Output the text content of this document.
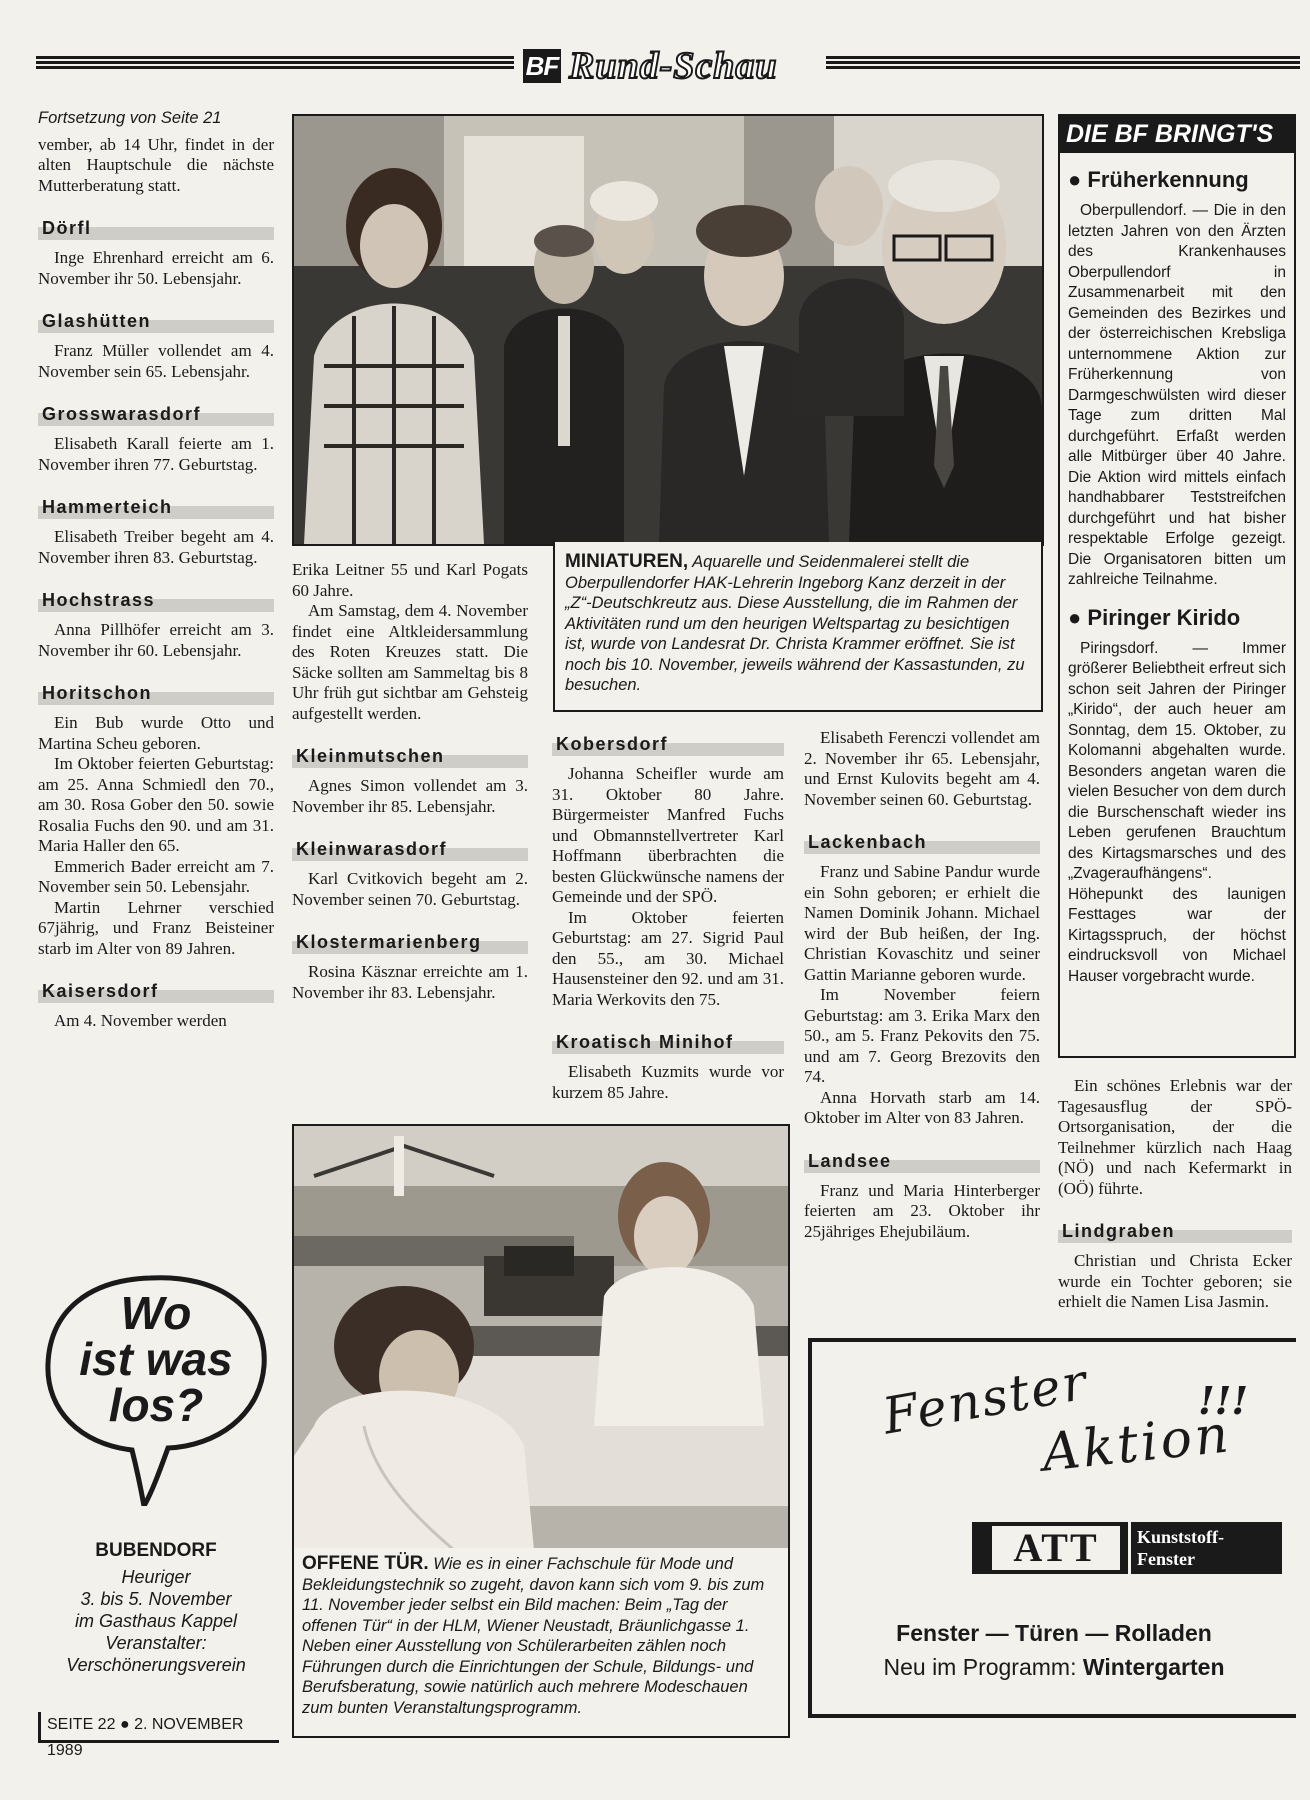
BF Rund-Schau
Fortsetzung von Seite 21

vember, ab 14 Uhr, findet in der alten Hauptschule die nächste Mutterberatung statt.

Dörfl

Inge Ehrenhard erreicht am 6. November ihr 50. Lebensjahr.

Glashütten

Franz Müller vollendet am 4. November sein 65. Lebensjahr.

Grosswarasdorf

Elisabeth Karall feierte am 1. November ihren 77. Geburtstag.

Hammerteich

Elisabeth Treiber begeht am 4. November ihren 83. Geburtstag.

Hochstrass

Anna Pillhöfer erreicht am 3. November ihr 60. Lebensjahr.

Horitschon

Ein Bub wurde Otto und Martina Scheu geboren.

Im Oktober feierten Geburtstag: am 25. Anna Schmiedl den 70., am 30. Rosa Gober den 50. sowie Rosalia Fuchs den 90. und am 31. Maria Haller den 65.

Emmerich Bader erreicht am 7. November sein 50. Lebensjahr.

Martin Lehrner verschied 67jährig, und Franz Beisteiner starb im Alter von 89 Jahren.

Kaisersdorf

Am 4. November werden

Wo
ist was
los?
BUBENDORF
Heuriger
3. bis 5. November
im Gasthaus Kappel
Veranstalter:
Verschönerungsverein
SEITE 22 ● 2. NOVEMBER 1989
MINIATUREN, Aquarelle und Seidenmalerei stellt die Oberpullendorfer HAK-Lehrerin Ingeborg Kanz derzeit in der „Z“-Deutschkreutz aus. Diese Ausstellung, die im Rahmen der Aktivitäten rund um den heurigen Weltspartag zu besichtigen ist, wurde von Landesrat Dr. Christa Krammer eröffnet. Sie ist noch bis 10. November, jeweils während der Kassastunden, zu besuchen.

Erika Leitner 55 und Karl Pogats 60 Jahre.

Am Samstag, dem 4. November findet eine Altkleidersammlung des Roten Kreuzes statt. Die Säcke sollten am Sammeltag bis 8 Uhr früh gut sichtbar am Gehsteig aufgestellt werden.

Kleinmutschen

Agnes Simon vollendet am 3. November ihr 85. Lebensjahr.

Kleinwarasdorf

Karl Cvitkovich begeht am 2. November seinen 70. Geburtstag.

Klostermarienberg

Rosina Käsznar erreichte am 1. November ihr 83. Lebensjahr.

Kobersdorf

Johanna Scheifler wurde am 31. Oktober 80 Jahre. Bürgermeister Manfred Fuchs und Obmannstellvertreter Karl Hoffmann überbrachten die besten Glückwünsche namens der Gemeinde und der SPÖ.

Im Oktober feierten Geburtstag: am 27. Sigrid Paul den 55., am 30. Michael Hausensteiner den 92. und am 31. Maria Werkovits den 75.

Kroatisch Minihof

Elisabeth Kuzmits wurde vor kurzem 85 Jahre.

Elisabeth Ferenczi vollendet am 2. November ihr 65. Lebensjahr, und Ernst Kulovits begeht am 4. November seinen 60. Geburtstag.

Lackenbach

Franz und Sabine Pandur wurde ein Sohn geboren; er erhielt die Namen Dominik Johann. Michael wird der Bub heißen, der Ing. Christian Kovaschitz und seiner Gattin Marianne geboren wurde.

Im November feiern Geburtstag: am 3. Erika Marx den 50., am 5. Franz Pekovits den 75. und am 7. Georg Brezovits den 74.

Anna Horvath starb am 14. Oktober im Alter von 83 Jahren.

Landsee

Franz und Maria Hinterberger feierten am 23. Oktober ihr 25jähriges Ehejubiläum.

DIE BF BRINGT'S
● Früherkennung
Oberpullendorf. — Die in den letzten Jahren von den Ärzten des Krankenhauses Oberpullendorf in Zusammenarbeit mit den Gemeinden des Bezirkes und der österreichischen Krebsliga unternommene Aktion zur Früherkennung von Darmgeschwülsten wird dieser Tage zum dritten Mal durchgeführt. Erfaßt werden alle Mitbürger über 40 Jahre. Die Aktion wird mittels einfach handhabbarer Teststreifchen durchgeführt und hat bisher respektable Erfolge gezeigt. Die Organisatoren bitten um zahlreiche Teilnahme.
● Piringer Kirido
Piringsdorf. — Immer größerer Beliebtheit erfreut sich schon seit Jahren der Piringer „Kirido“, der auch heuer am Sonntag, dem 15. Oktober, zu Kolomanni abgehalten wurde. Besonders angetan waren die vielen Besucher von dem durch die Burschenschaft wieder ins Leben gerufenen Brauchtum des Kirtagsmarsches und des „Zvageraufhängens“. Höhepunkt des launigen Festtages war der Kirtagsspruch, der höchst eindrucksvoll von Michael Hauser vorgebracht wurde.

Ein schönes Erlebnis war der Tagesausflug der SPÖ-Ortsorganisation, der die Teilnehmer kürzlich nach Haag (NÖ) und nach Kefermarkt in (OÖ) führte.

Lindgraben

Christian und Christa Ecker wurde ein Tochter geboren; sie erhielt die Namen Lisa Jasmin.

OFFENE TÜR. Wie es in einer Fachschule für Mode und Bekleidungstechnik so zugeht, davon kann sich vom 9. bis zum 11. November jeder selbst ein Bild machen: Beim „Tag der offenen Tür“ in der HLM, Wiener Neustadt, Bräunlichgasse 1. Neben einer Ausstellung von Schülerarbeiten zählen noch Führungen durch die Einrichtungen der Schule, Bildungs- und Berufsberatung, sowie natürlich auch mehrere Modeschauen zum bunten Veranstaltungsprogramm.
Fenster
Aktion
!!!
ATT	Kunststoff-
Fenster
Fenster — Türen — Rolladen
Neu im Programm: Wintergarten
